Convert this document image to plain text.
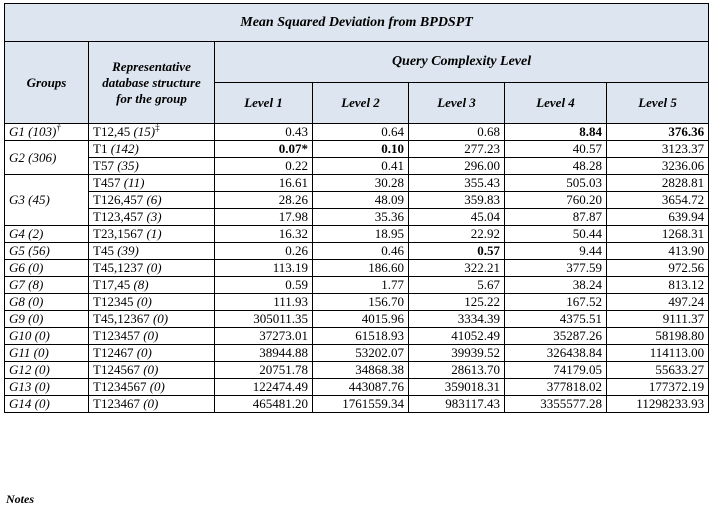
Mean Squared Deviation from BPDSPT						
Groups	Representative database structure for the group	Query Complexity Level				
		Level 1	Level 2	Level 3	Level 4	Level 5
G1 (103)†	T12,45 (15)‡	0.43	0.64	0.68	8.84	376.36
G2 (306)	T1 (142)	0.07*	0.10	277.23	40.57	3123.37
	T57 (35)	0.22	0.41	296.00	48.28	3236.06
G3 (45)	T457 (11)	16.61	30.28	355.43	505.03	2828.81
	T126,457 (6)	28.26	48.09	359.83	760.20	3654.72
	T123,457 (3)	17.98	35.36	45.04	87.87	639.94
G4 (2)	T23,1567 (1)	16.32	18.95	22.92	50.44	1268.31
G5 (56)	T45 (39)	0.26	0.46	0.57	9.44	413.90
G6 (0)	T45,1237 (0)	113.19	186.60	322.21	377.59	972.56
G7 (8)	T17,45 (8)	0.59	1.77	5.67	38.24	813.12
G8 (0)	T12345 (0)	111.93	156.70	125.22	167.52	497.24
G9 (0)	T45,12367 (0)	305011.35	4015.96	3334.39	4375.51	9111.37
G10 (0)	T123457 (0)	37273.01	61518.93	41052.49	35287.26	58198.80
G11 (0)	T12467 (0)	38944.88	53202.07	39939.52	326438.84	114113.00
G12 (0)	T124567 (0)	20751.78	34868.38	28613.70	74179.05	55633.27
G13 (0)	T1234567 (0)	122474.49	443087.76	359018.31	377818.02	177372.19
G14 (0)	T123467 (0)	465481.20	1761559.34	983117.43	3355577.28	11298233.93
Notes
